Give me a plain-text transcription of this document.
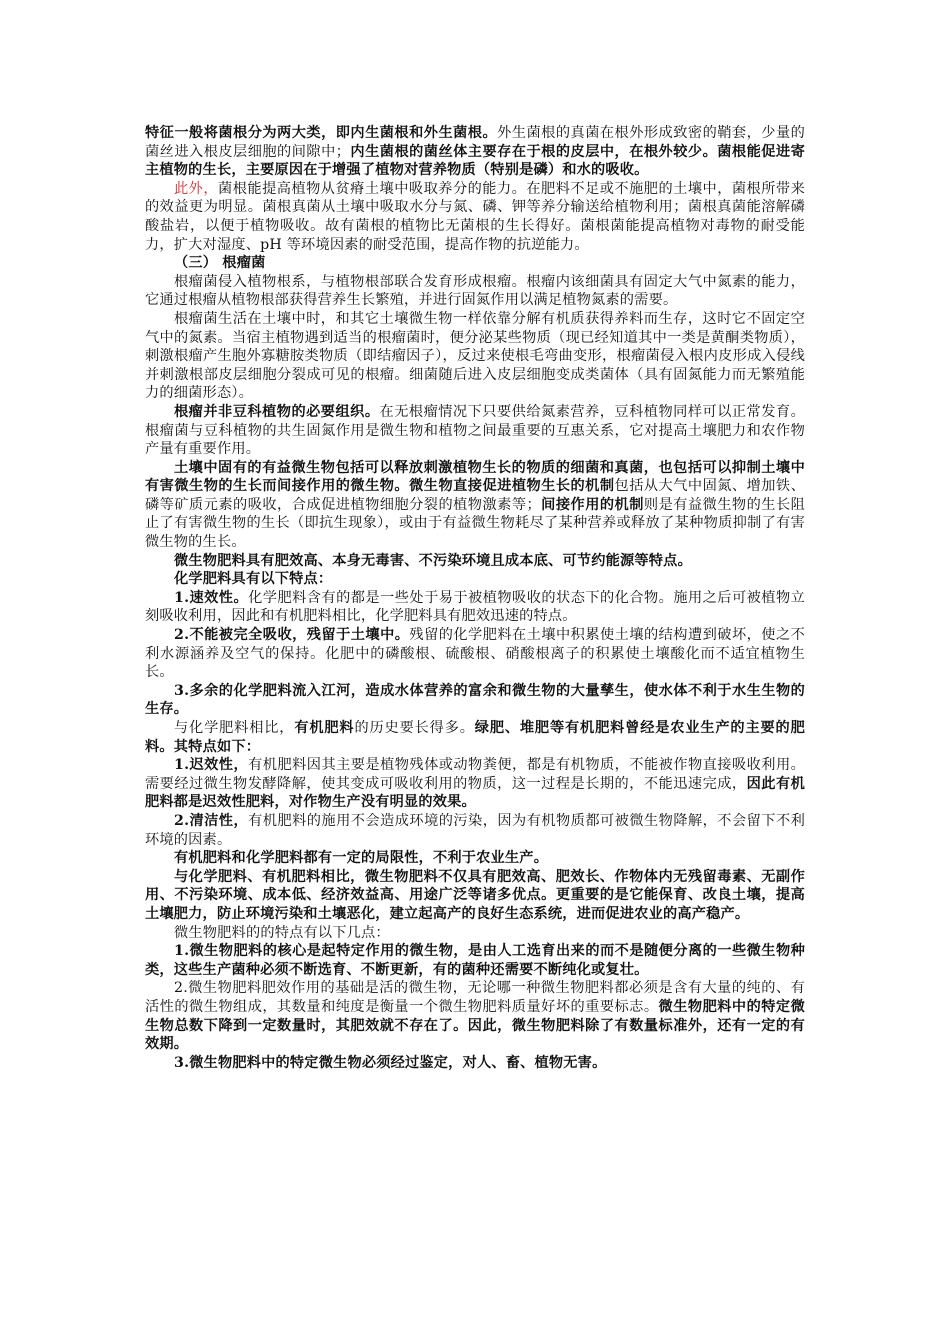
特征一般将菌根分为两大类，即内生菌根和外生菌根。外生菌根的真菌在根外形成致密的鞘套，少量的菌丝进入根皮层细胞的间隙中；内生菌根的菌丝体主要存在于根的皮层中，在根外较少。菌根能促进寄主植物的生长，主要原因在于增强了植物对营养物质（特别是磷）和水的吸收。

此外，菌根能提高植物从贫瘠土壤中吸取养分的能力。在肥料不足或不施肥的土壤中，菌根所带来的效益更为明显。菌根真菌从土壤中吸取水分与氮、磷、钾等养分输送给植物利用；菌根真菌能溶解磷酸盐岩，以便于植物吸收。故有菌根的植物比无菌根的生长得好。菌根菌能提高植物对毒物的耐受能力，扩大对湿度、pH 等环境因素的耐受范围，提高作物的抗逆能力。

（三） 根瘤菌

根瘤菌侵入植物根系，与植物根部联合发育形成根瘤。根瘤内该细菌具有固定大气中氮素的能力，它通过根瘤从植物根部获得营养生长繁殖，并进行固氮作用以满足植物氮素的需要。

根瘤菌生活在土壤中时，和其它土壤微生物一样依靠分解有机质获得养料而生存，这时它不固定空气中的氮素。当宿主植物遇到适当的根瘤菌时，便分泌某些物质（现已经知道其中一类是黄酮类物质），刺激根瘤产生胞外寡糖胺类物质（即结瘤因子），反过来使根毛弯曲变形，根瘤菌侵入根内皮形成入侵线并刺激根部皮层细胞分裂成可见的根瘤。细菌随后进入皮层细胞变成类菌体（具有固氮能力而无繁殖能力的细菌形态）。

根瘤并非豆科植物的必要组织。在无根瘤情况下只要供给氮素营养，豆科植物同样可以正常发育。根瘤菌与豆科植物的共生固氮作用是微生物和植物之间最重要的互惠关系，它对提高土壤肥力和农作物产量有重要作用。

土壤中固有的有益微生物包括可以释放刺激植物生长的物质的细菌和真菌，也包括可以抑制土壤中有害微生物的生长而间接作用的微生物。微生物直接促进植物生长的机制包括从大气中固氮、增加铁、磷等矿质元素的吸收，合成促进植物细胞分裂的植物激素等；间接作用的机制则是有益微生物的生长阻止了有害微生物的生长（即抗生现象），或由于有益微生物耗尽了某种营养或释放了某种物质抑制了有害微生物的生长。

微生物肥料具有肥效高、本身无毒害、不污染环境且成本底、可节约能源等特点。

化学肥料具有以下特点：

1.速效性。化学肥料含有的都是一些处于易于被植物吸收的状态下的化合物。施用之后可被植物立刻吸收利用，因此和有机肥料相比，化学肥料具有肥效迅速的特点。

2.不能被完全吸收，残留于土壤中。残留的化学肥料在土壤中积累使土壤的结构遭到破坏，使之不利水源涵养及空气的保持。化肥中的磷酸根、硫酸根、硝酸根离子的积累使土壤酸化而不适宜植物生长。

3.多余的化学肥料流入江河，造成水体营养的富余和微生物的大量孳生，使水体不利于水生生物的生存。

与化学肥料相比，有机肥料的历史要长得多。绿肥、堆肥等有机肥料曾经是农业生产的主要的肥料。其特点如下：

1.迟效性，有机肥料因其主要是植物残体或动物粪便，都是有机物质，不能被作物直接吸收利用。需要经过微生物发酵降解，使其变成可吸收利用的物质，这一过程是长期的，不能迅速完成，因此有机肥料都是迟效性肥料，对作物生产没有明显的效果。

2.清洁性，有机肥料的施用不会造成环境的污染，因为有机物质都可被微生物降解，不会留下不利环境的因素。

有机肥料和化学肥料都有一定的局限性，不利于农业生产。

与化学肥料、有机肥料相比，微生物肥料不仅具有肥效高、肥效长、作物体内无残留毒素、无副作用、不污染环境、成本低、经济效益高、用途广泛等诸多优点。更重要的是它能保育、改良土壤，提高土壤肥力，防止环境污染和土壤恶化，建立起高产的良好生态系统，进而促进农业的高产稳产。

微生物肥料的的特点有以下几点：

1.微生物肥料的核心是起特定作用的微生物，是由人工选育出来的而不是随便分离的一些微生物种类，这些生产菌种必须不断选育、不断更新，有的菌种还需要不断纯化或复壮。

2.微生物肥料肥效作用的基础是活的微生物，无论哪一种微生物肥料都必须是含有大量的纯的、有活性的微生物组成，其数量和纯度是衡量一个微生物肥料质量好坏的重要标志。微生物肥料中的特定微生物总数下降到一定数量时，其肥效就不存在了。因此，微生物肥料除了有数量标准外，还有一定的有效期。

3.微生物肥料中的特定微生物必须经过鉴定，对人、畜、植物无害。
